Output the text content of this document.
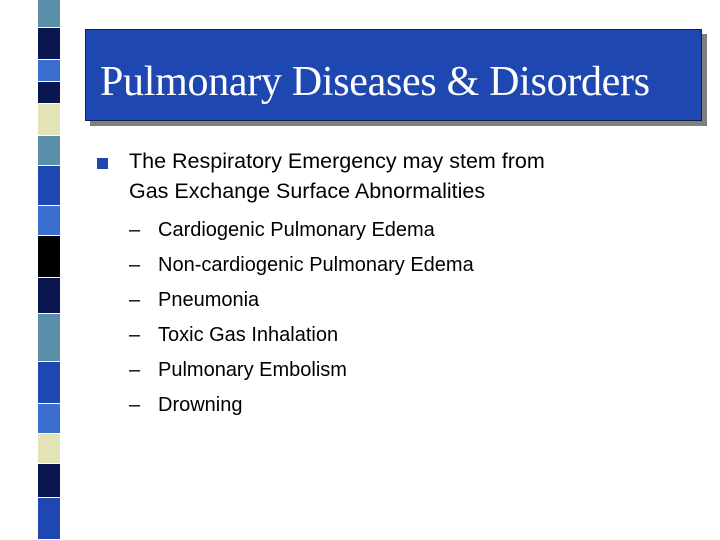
Pulmonary Diseases & Disorders
The Respiratory Emergency may stem from
Gas Exchange Surface Abnormalities
– Cardiogenic Pulmonary Edema
– Non-cardiogenic Pulmonary Edema
– Pneumonia
– Toxic Gas Inhalation
– Pulmonary Embolism
– Drowning
